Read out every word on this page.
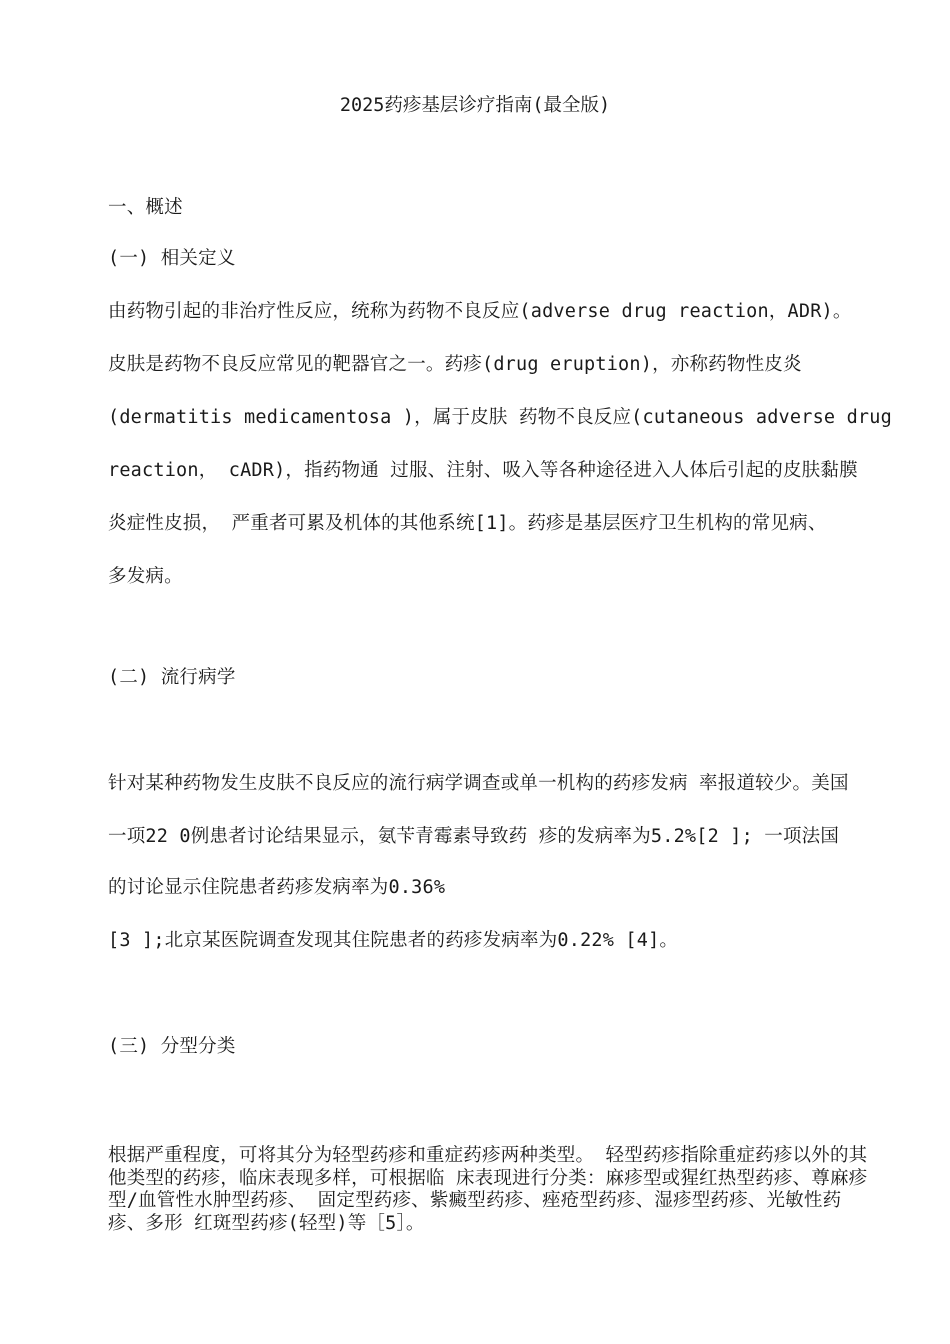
2025药疹基层诊疗指南(最全版)
一、概述
(一) 相关定义
由药物引起的非治疗性反应，统称为药物不良反应(adverse drug reaction，ADR)。
皮肤是药物不良反应常见的靶器官之一。药疹(drug eruption)，亦称药物性皮炎
(dermatitis medicamentosa )，属于皮肤 药物不良反应(cutaneous adverse drug
reaction， cADR)，指药物通 过服、注射、吸入等各种途径进入人体后引起的皮肤黏膜
炎症性皮损， 严重者可累及机体的其他系统[1]。药疹是基层医疗卫生机构的常见病、
多发病。
(二) 流行病学
针对某种药物发生皮肤不良反应的流行病学调查或单一机构的药疹发病 率报道较少。美国
一项22 0例患者讨论结果显示，氨苄青霉素导致药 疹的发病率为5.2%[2 ]; 一项法国
的讨论显示住院患者药疹发病率为0.36%
[3 ];北京某医院调查发现其住院患者的药疹发病率为0.22% [4]。
(三) 分型分类
根据严重程度，可将其分为轻型药疹和重症药疹两种类型。 轻型药疹指除重症药疹以外的其他类型的药疹，临床表现多样，可根据临 床表现进行分类：麻疹型或猩红热型药疹、尊麻疹型/血管性水肿型药疹、 固定型药疹、紫癜型药疹、痤疮型药疹、湿疹型药疹、光敏性药疹、多形 红斑型药疹(轻型)等［5］。
